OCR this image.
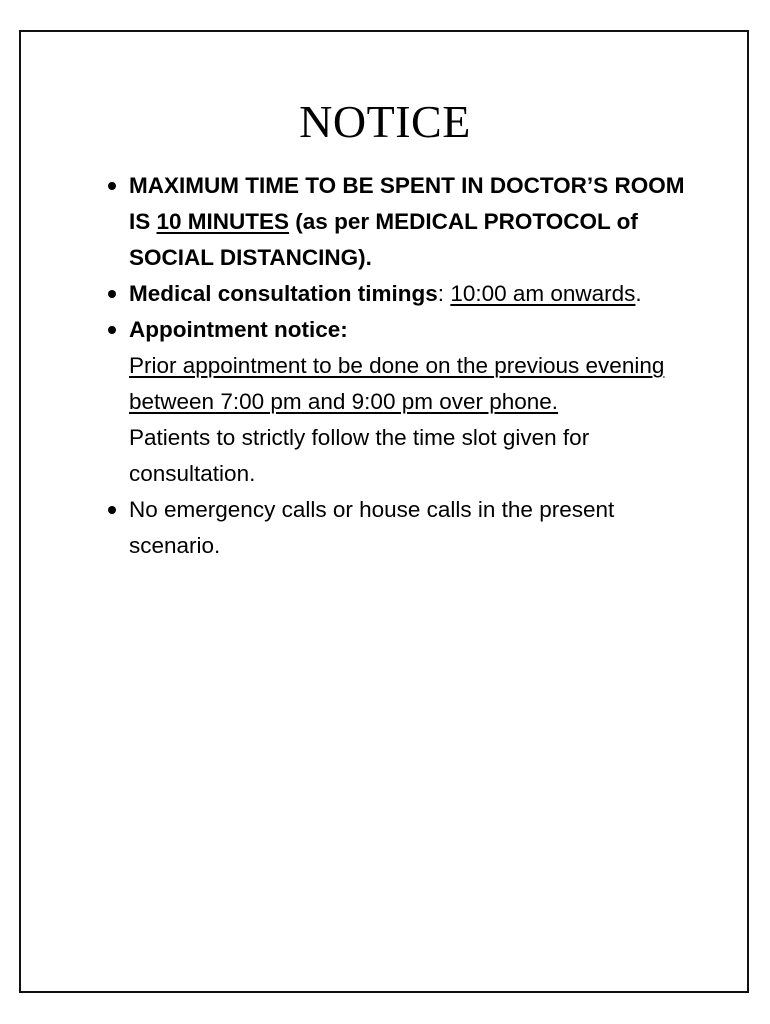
NOTICE
MAXIMUM TIME TO BE SPENT IN DOCTOR’S ROOM IS 10 MINUTES (as per MEDICAL PROTOCOL of SOCIAL DISTANCING).
Medical consultation timings: 10:00 am onwards.
Appointment notice:
Prior appointment to be done on the previous evening between 7:00 pm and 9:00 pm over phone.
Patients to strictly follow the time slot given for consultation.
No emergency calls or house calls in the present scenario.
